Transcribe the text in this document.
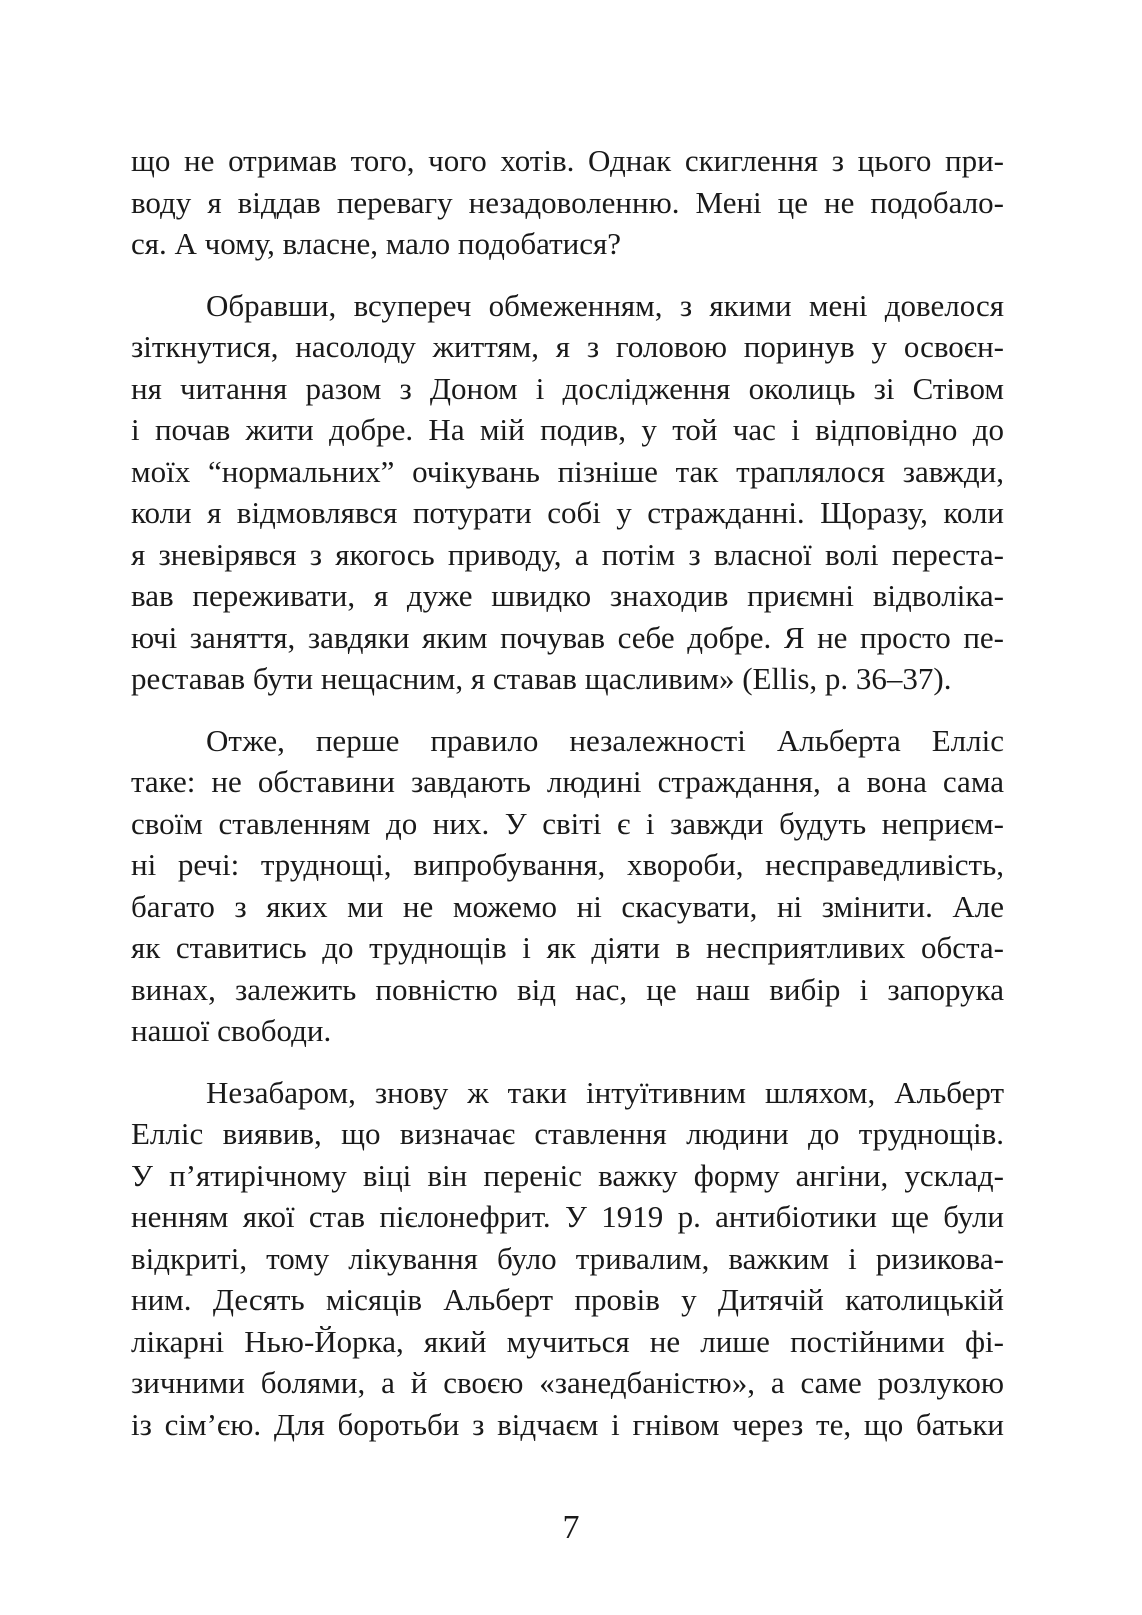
що не отримав того, чого хотів. Однак скиглення з цього при-
воду я віддав перевагу незадоволенню. Мені це не подобало-
ся. А чому, власне, мало подобатися?
Обравши, всупереч обмеженням, з якими мені довелося
зіткнутися, насолоду життям, я з головою поринув у освоєн-
ня читання разом з Доном і дослідження околиць зі Стівом
і почав жити добре. На мій подив, у той час і відповідно до
моїх “нормальних” очікувань пізніше так траплялося завжди,
коли я відмовлявся потурати собі у стражданні. Щоразу, коли
я зневірявся з якогось приводу, а потім з власної волі переста-
вав переживати, я дуже швидко знаходив приємні відволіка-
ючі заняття, завдяки яким почував себе добре. Я не просто пе-
реставав бути нещасним, я ставав щасливим» (Ellis, p. 36–37).
Отже, перше правило незалежності Альберта Елліс
таке: не обставини завдають людині страждання, а вона сама
своїм ставленням до них. У світі є і завжди будуть неприєм-
ні речі: труднощі, випробування, хвороби, несправедливість,
багато з яких ми не можемо ні скасувати, ні змінити. Але
як ставитись до труднощів і як діяти в несприятливих обста-
винах, залежить повністю від нас, це наш вибір і запорука
нашої свободи.
Незабаром, знову ж таки інтуїтивним шляхом, Альберт
Елліс виявив, що визначає ставлення людини до труднощів.
У п’ятирічному віці він переніс важку форму ангіни, усклад-
ненням якої став пієлонефрит. У 1919 р. антибіотики ще були
відкриті, тому лікування було тривалим, важким і ризикова-
ним. Десять місяців Альберт провів у Дитячій католицькій
лікарні Нью-Йорка, який мучиться не лише постійними фі-
зичними болями, а й своєю «занедбаністю», а саме розлукою
із сім’єю. Для боротьби з відчаєм і гнівом через те, що батьки
7
